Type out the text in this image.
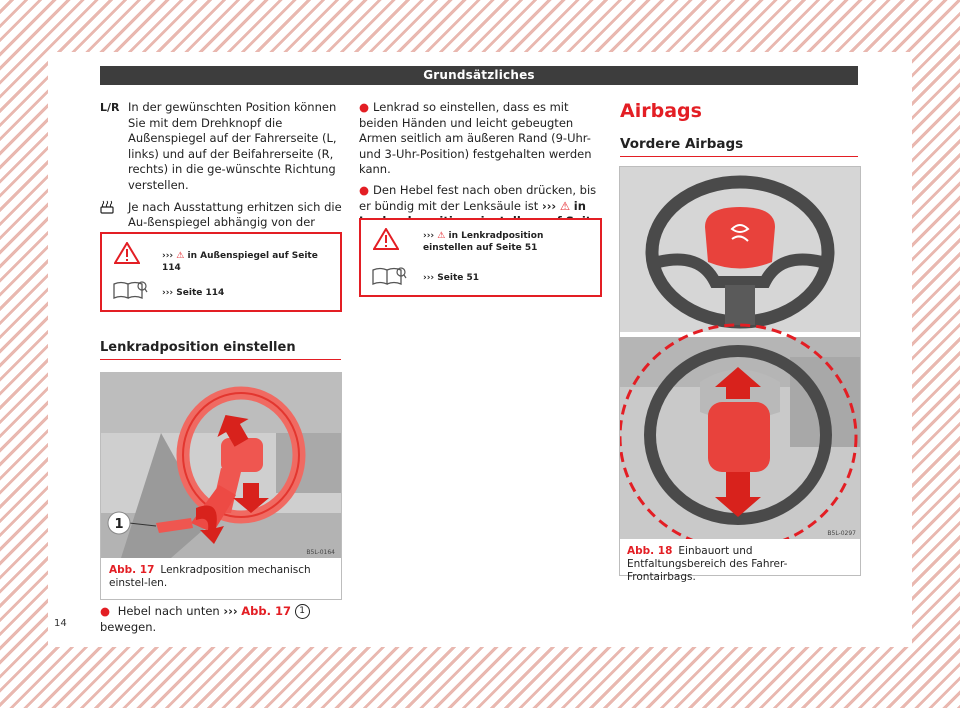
Grundsätzliches
L/R In der gewünschten Position können Sie mit dem Drehknopf die Außenspiegel auf der Fahrerseite (L, links) und auf der Beifahrerseite (R, rechts) in die ge-wünschte Richtung verstellen.
Je nach Ausstattung erhitzen sich die Au-ßenspiegel abhängig von der
››› ⚠ in Außenspiegel auf Seite 114
››› Seite 114
Lenkradposition einstellen
1
B5L-0164
Abb. 17 Lenkradposition mechanisch einstel-len.
● Hebel nach unten ››› Abb. 17 1 bewegen.
14
● Lenkrad so einstellen, dass es mit beiden Händen und leicht gebeugten Armen seitlich am äußeren Rand (9-Uhr- und 3-Uhr-Position) festgehalten werden kann.
● Den Hebel fest nach oben drücken, bis er bündig mit der Lenksäule ist ››› ⚠ in
››› ⚠ in Lenkradposition einstellen auf Seite 51
››› Seite 51
Airbags
Vordere Airbags
B5L-0297
Abb. 18 Einbauort und Entfaltungsbereich des Fahrer-Frontairbags.
